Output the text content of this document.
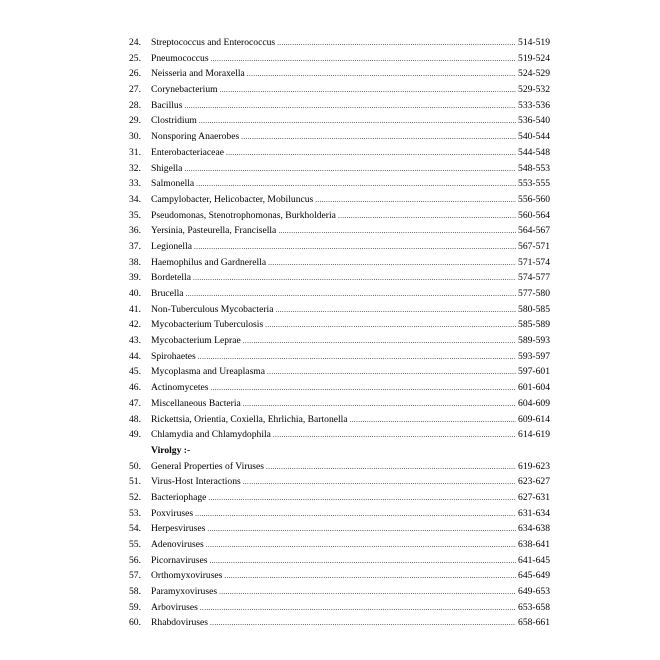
24.	Streptococcus and Enterococcus .....	514-519
25.	Pneumococcus .....	519-524
26.	Neisseria and Moraxella .....	524-529
27.	Corynebacterium .....	529-532
28.	Bacillus .....	533-536
29.	Clostridium .....	536-540
30.	Nonsporing Anaerobes .....	540-544
31.	Enterobacteriaceae .....	544-548
32.	Shigella .....	548-553
33.	Salmonella .....	553-555
34.	Campylobacter, Helicobacter, Mobiluncus .....	556-560
35.	Pseudomonas, Stenotrophomonas, Burkholderia .....	560-564
36.	Yersinia, Pasteurella, Francisella .....	564-567
37.	Legionella .....	567-571
38.	Haemophilus and Gardnerella .....	571-574
39.	Bordetella .....	574-577
40.	Brucella .....	577-580
41.	Non-Tuberculous Mycobacteria .....	580-585
42.	Mycobacterium Tuberculosis .....	585-589
43.	Mycobacterium Leprae .....	589-593
44.	Spirohaetes .....	593-597
45.	Mycoplasma and Ureaplasma .....	597-601
46.	Actinomycetes .....	601-604
47.	Miscellaneous Bacteria .....	604-609
48.	Rickettsia, Orientia, Coxiella, Ehrlichia, Bartonella .....	609-614
49.	Chlamydia and Chlamydophila .....	614-619
Virolgy :-
50.	General Properties of Viruses .....	619-623
51.	Virus-Host Interactions .....	623-627
52.	Bacteriophage .....	627-631
53.	Poxviruses .....	631-634
54.	Herpesviruses .....	634-638
55.	Adenoviruses .....	638-641
56.	Picornaviruses .....	641-645
57.	Orthomyxoviruses .....	645-649
58.	Paramyxoviruses .....	649-653
59.	Arboviruses .....	653-658
60.	Rhabdoviruses .....	658-661
